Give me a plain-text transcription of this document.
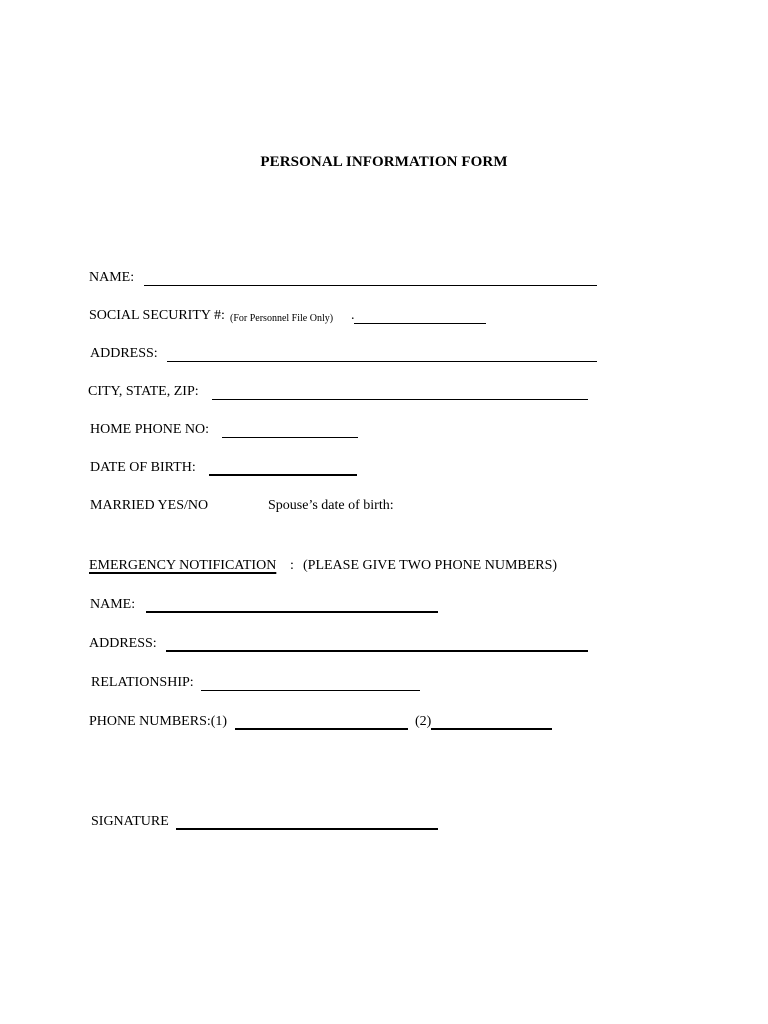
PERSONAL INFORMATION FORM
NAME:
SOCIAL SECURITY #: (For Personnel File Only) .
ADDRESS:
CITY, STATE, ZIP:
HOME PHONE NO:
DATE OF BIRTH:
MARRIED YES/NO	Spouse’s date of birth:
EMERGENCY NOTIFICATION : (PLEASE GIVE TWO PHONE NUMBERS)
NAME:
ADDRESS:
RELATIONSHIP:
PHONE NUMBERS:(1)	(2)
SIGNATURE
